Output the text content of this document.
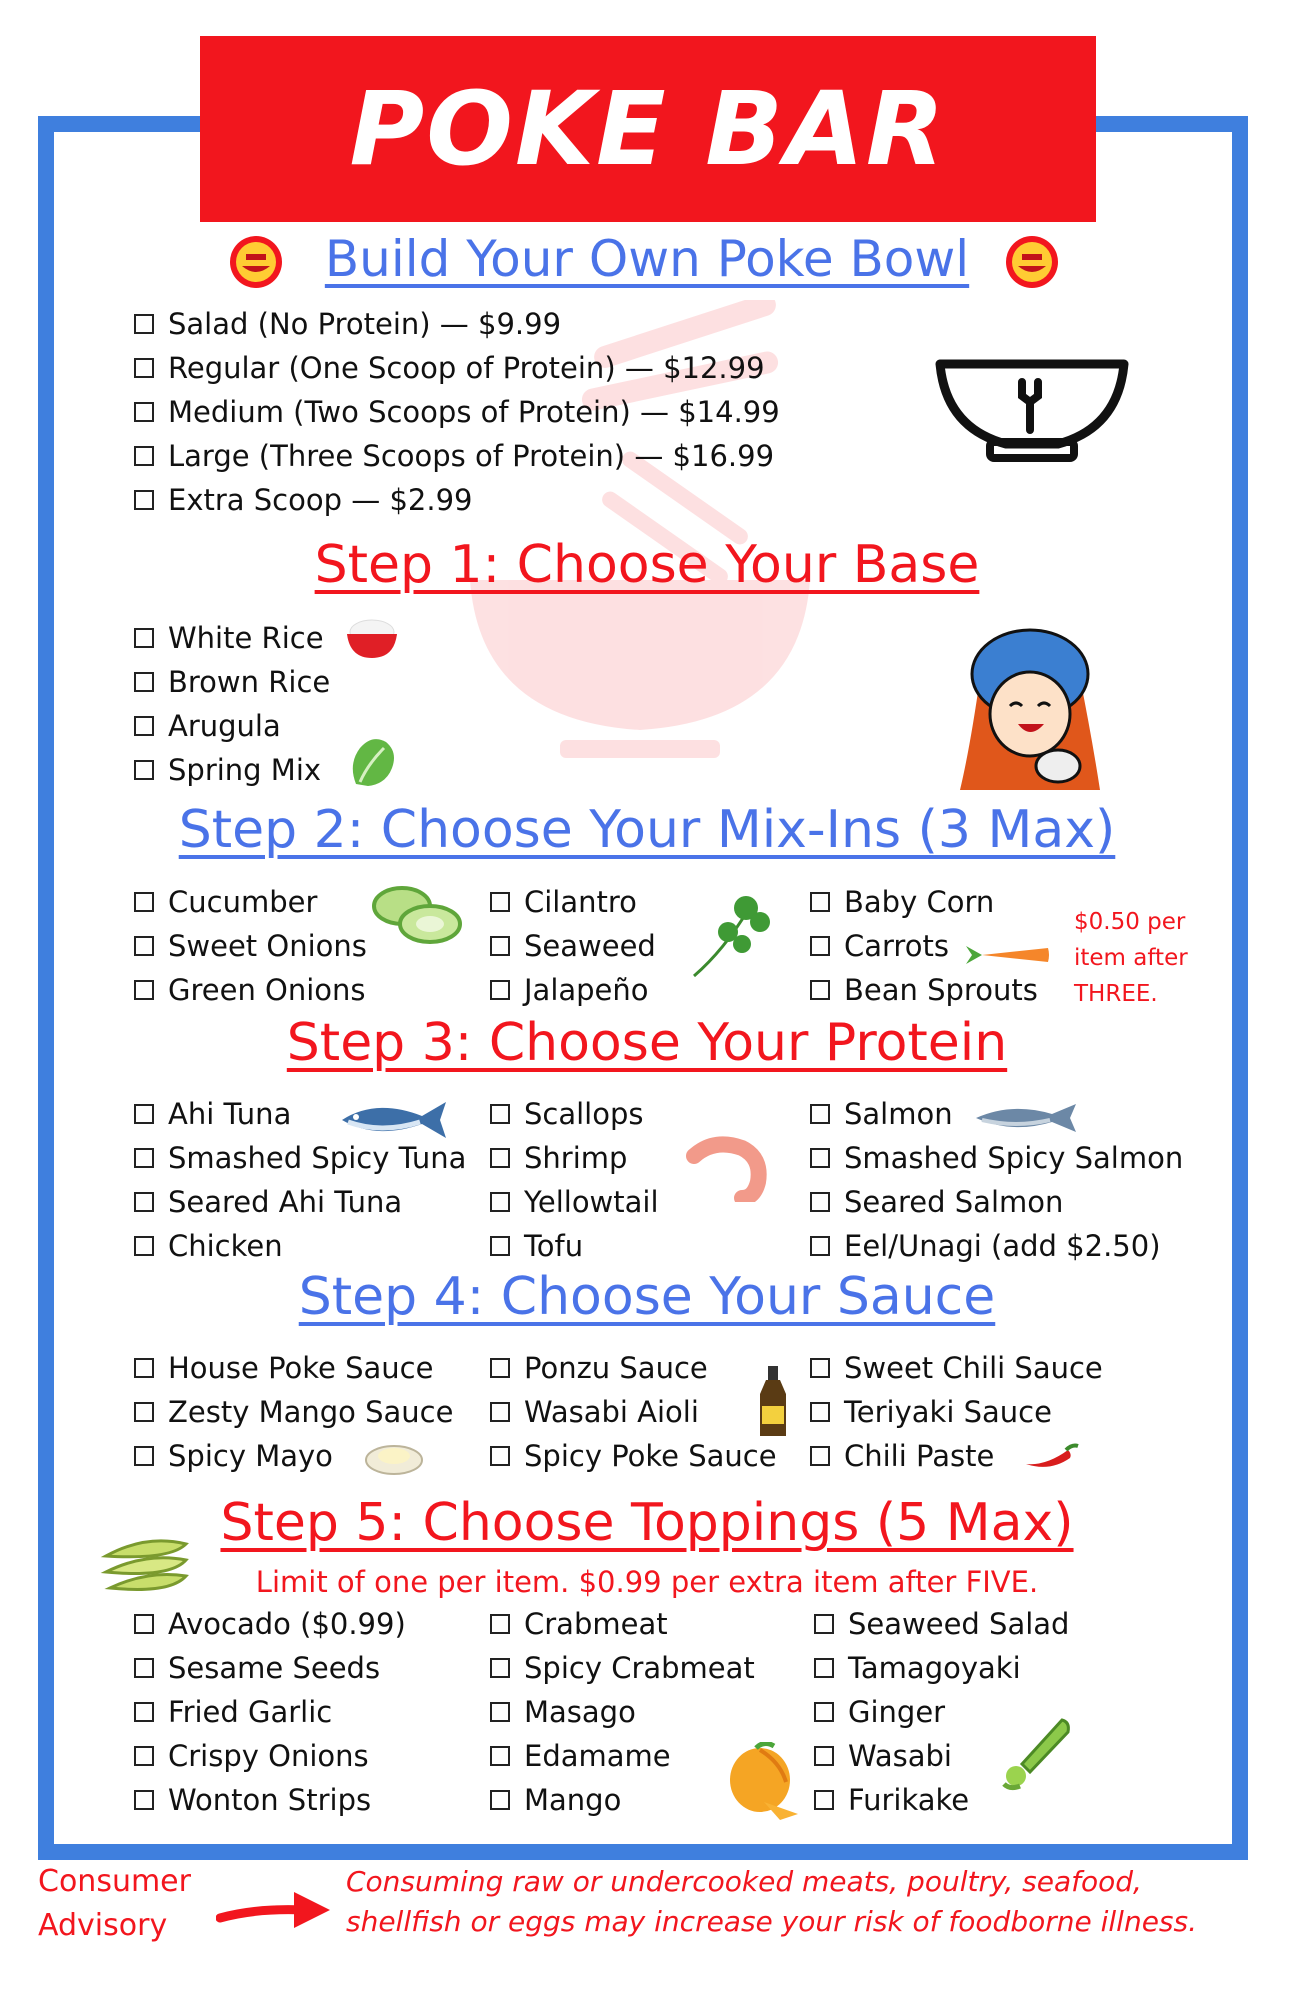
POKE BAR
Build Your Own Poke Bowl
Salad (No Protein) — $9.99
Regular (One Scoop of Protein) — $12.99
Medium (Two Scoops of Protein) — $14.99
Large (Three Scoops of Protein) — $16.99
Extra Scoop — $2.99
Step 1: Choose Your Base
White Rice
Brown Rice
Arugula
Spring Mix
Step 2: Choose Your Mix-Ins (3 Max)
Cucumber
Sweet Onions
Green Onions
Cilantro
Seaweed
Jalapeño
Baby Corn
Carrots
Bean Sprouts
$0.50 per
item after
THREE.
Step 3: Choose Your Protein
Ahi Tuna
Smashed Spicy Tuna
Seared Ahi Tuna
Chicken
Scallops
Shrimp
Yellowtail
Tofu
Salmon
Smashed Spicy Salmon
Seared Salmon
Eel/Unagi (add $2.50)
Step 4: Choose Your Sauce
House Poke Sauce
Zesty Mango Sauce
Spicy Mayo
Ponzu Sauce
Wasabi Aioli
Spicy Poke Sauce
Sweet Chili Sauce
Teriyaki Sauce
Chili Paste
Step 5: Choose Toppings (5 Max)
Limit of one per item. $0.99 per extra item after FIVE.
Avocado ($0.99)
Sesame Seeds
Fried Garlic
Crispy Onions
Wonton Strips
Crabmeat
Spicy Crabmeat
Masago
Edamame
Mango
Seaweed Salad
Tamagoyaki
Ginger
Wasabi
Furikake
Consumer
Advisory
Consuming raw or undercooked meats, poultry, seafood,
shellfish or eggs may increase your risk of foodborne illness.
